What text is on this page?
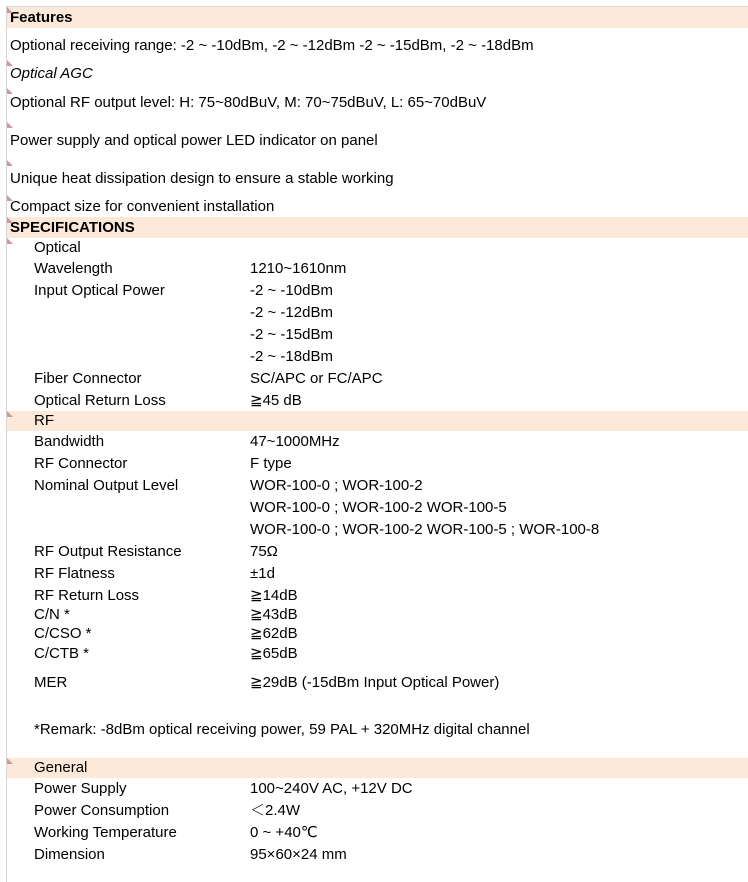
Features
Optional receiving range: -2 ~ -10dBm, -2 ~ -12dBm -2 ~ -15dBm, -2 ~ -18dBm
Optical AGC
Optional RF output level: H: 75~80dBuV, M: 70~75dBuV, L: 65~70dBuV
Power supply and optical power LED indicator on panel
Unique heat dissipation design to ensure a stable working
Compact size for convenient installation
SPECIFICATIONS
Optical
Wavelength	1210~1610nm
Input Optical Power	-2 ~ -10dBm
-2 ~ -12dBm
-2 ~ -15dBm
-2 ~ -18dBm
Fiber Connector	SC/APC or FC/APC
Optical Return Loss	≧45 dB
RF
Bandwidth	47~1000MHz
RF Connector	F type
Nominal Output Level	WOR-100-0 ; WOR-100-2
WOR-100-0 ; WOR-100-2 WOR-100-5
WOR-100-0 ; WOR-100-2 WOR-100-5 ; WOR-100-8
RF Output Resistance	75Ω
RF Flatness	±1d
RF Return Loss	≧14dB
C/N *	≧43dB
C/CSO *	≧62dB
C/CTB *	≧65dB
MER	≧29dB (-15dBm Input Optical Power)
*Remark: -8dBm optical receiving power, 59 PAL + 320MHz digital channel
General
Power Supply	100~240V AC, +12V DC
Power Consumption	＜2.4W
Working Temperature	0 ~ +40℃
Dimension	95×60×24 mm
